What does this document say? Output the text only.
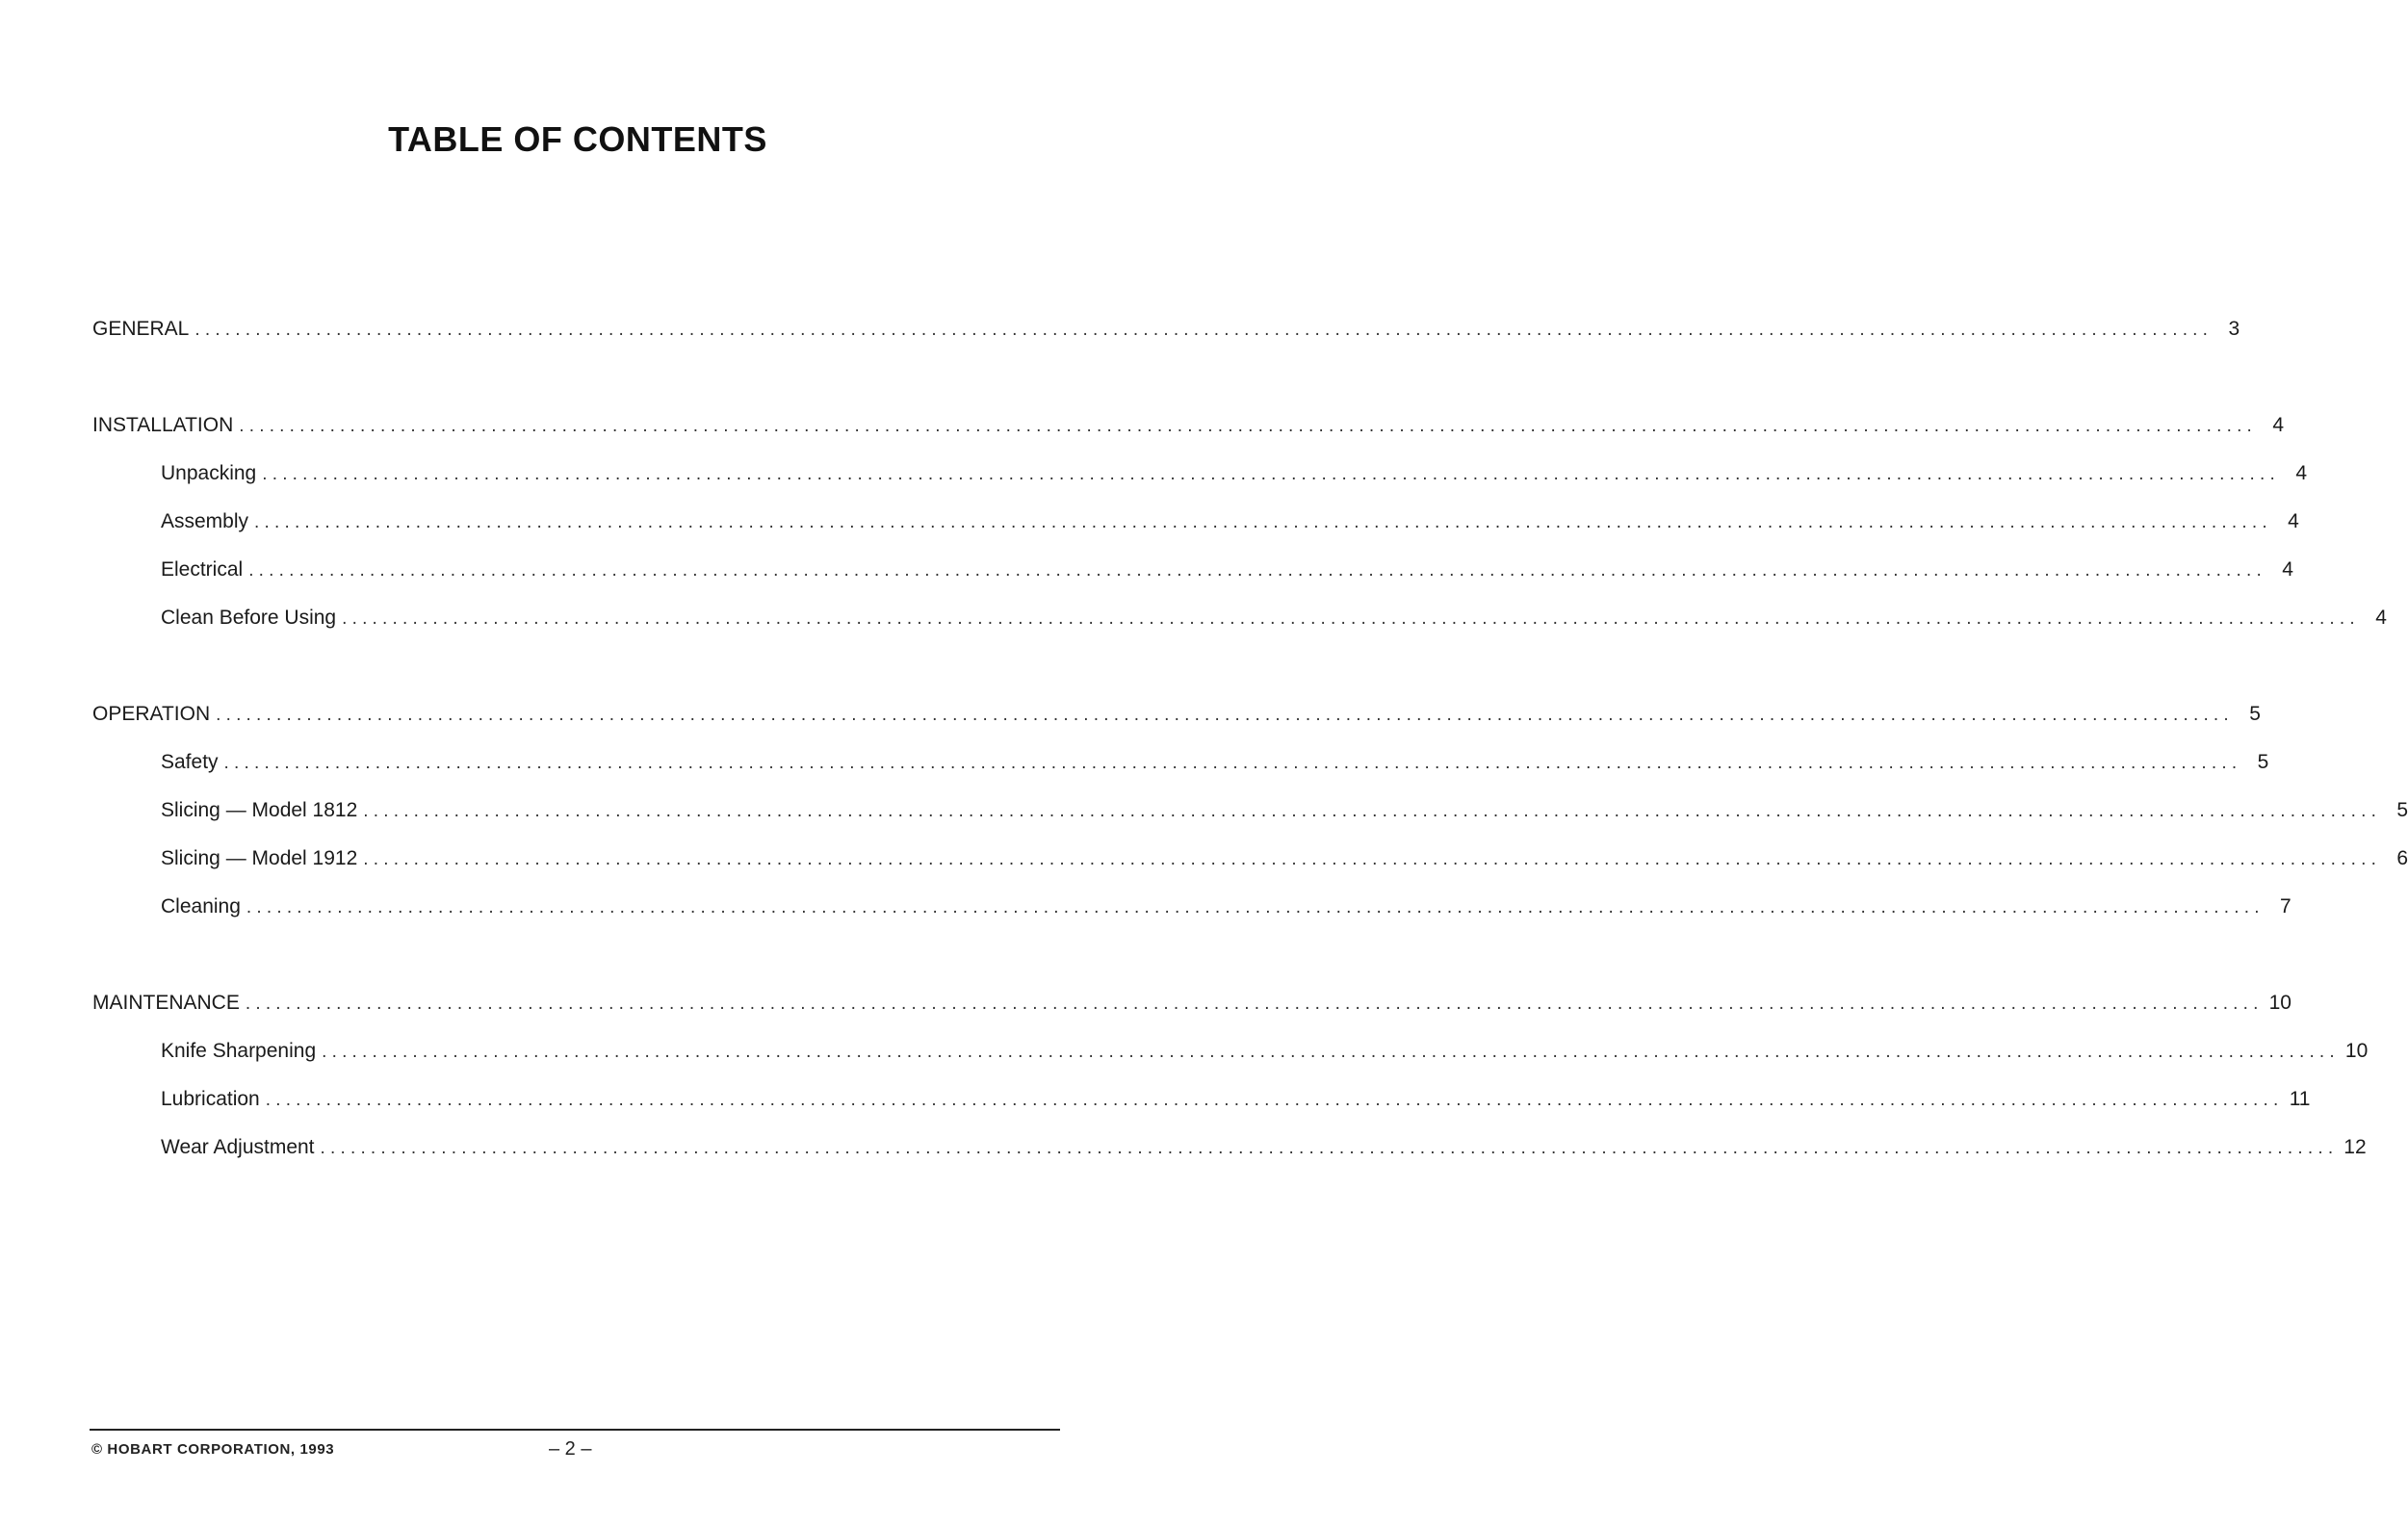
TABLE OF CONTENTS
GENERAL ........................................................................................................................................................................................................ 3
INSTALLATION ........................................................................................................................................................................................................ 4
Unpacking ........................................................................................................................................................................................................ 4
Assembly ........................................................................................................................................................................................................ 4
Electrical ........................................................................................................................................................................................................ 4
Clean Before Using ........................................................................................................................................................................................................ 4
OPERATION ........................................................................................................................................................................................................ 5
Safety ........................................................................................................................................................................................................ 5
Slicing — Model 1812 ........................................................................................................................................................................................................ 5
Slicing — Model 1912 ........................................................................................................................................................................................................ 6
Cleaning ........................................................................................................................................................................................................ 7
MAINTENANCE ........................................................................................................................................................................................................ 10
Knife Sharpening ........................................................................................................................................................................................................ 10
Lubrication ........................................................................................................................................................................................................ 11
Wear Adjustment ........................................................................................................................................................................................................ 12
© HOBART CORPORATION, 1993	– 2 –
